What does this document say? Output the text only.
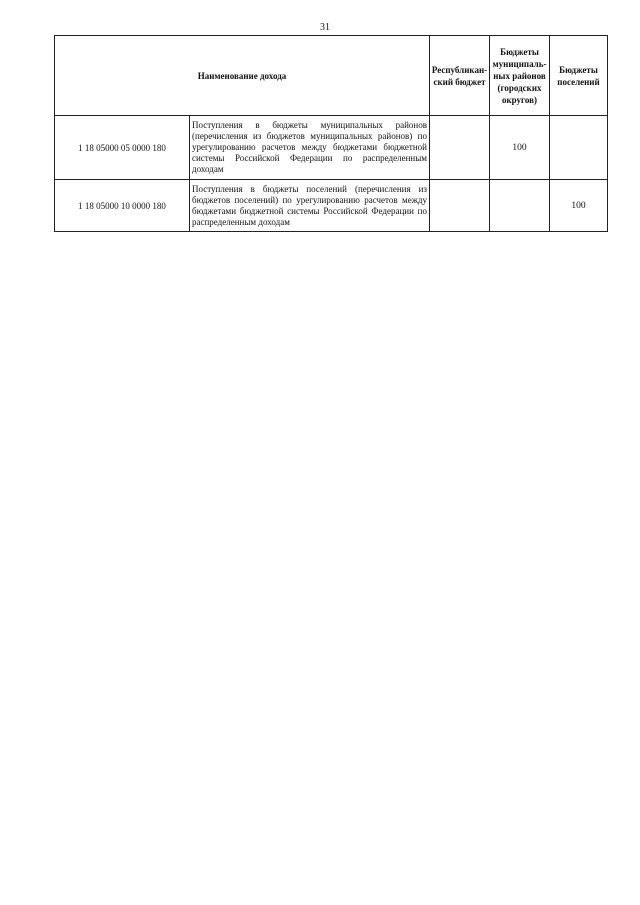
31
Наименование дохода		Республикан-ский бюджет	Бюджеты муниципаль-ных районов (городских округов)	Бюджеты поселений
1 18 05000 05 0000 180	Поступления в бюджеты муниципальных районов (перечисления из бюджетов муниципальных районов) по урегулированию расчетов между бюджетами бюджетной системы Российской Федерации по распределенным доходам		100	
1 18 05000 10 0000 180	Поступления в бюджеты поселений (перечисления из бюджетов поселений) по урегулированию расчетов между бюджетами бюджетной системы Российской Федерации по распределенным доходам			100
